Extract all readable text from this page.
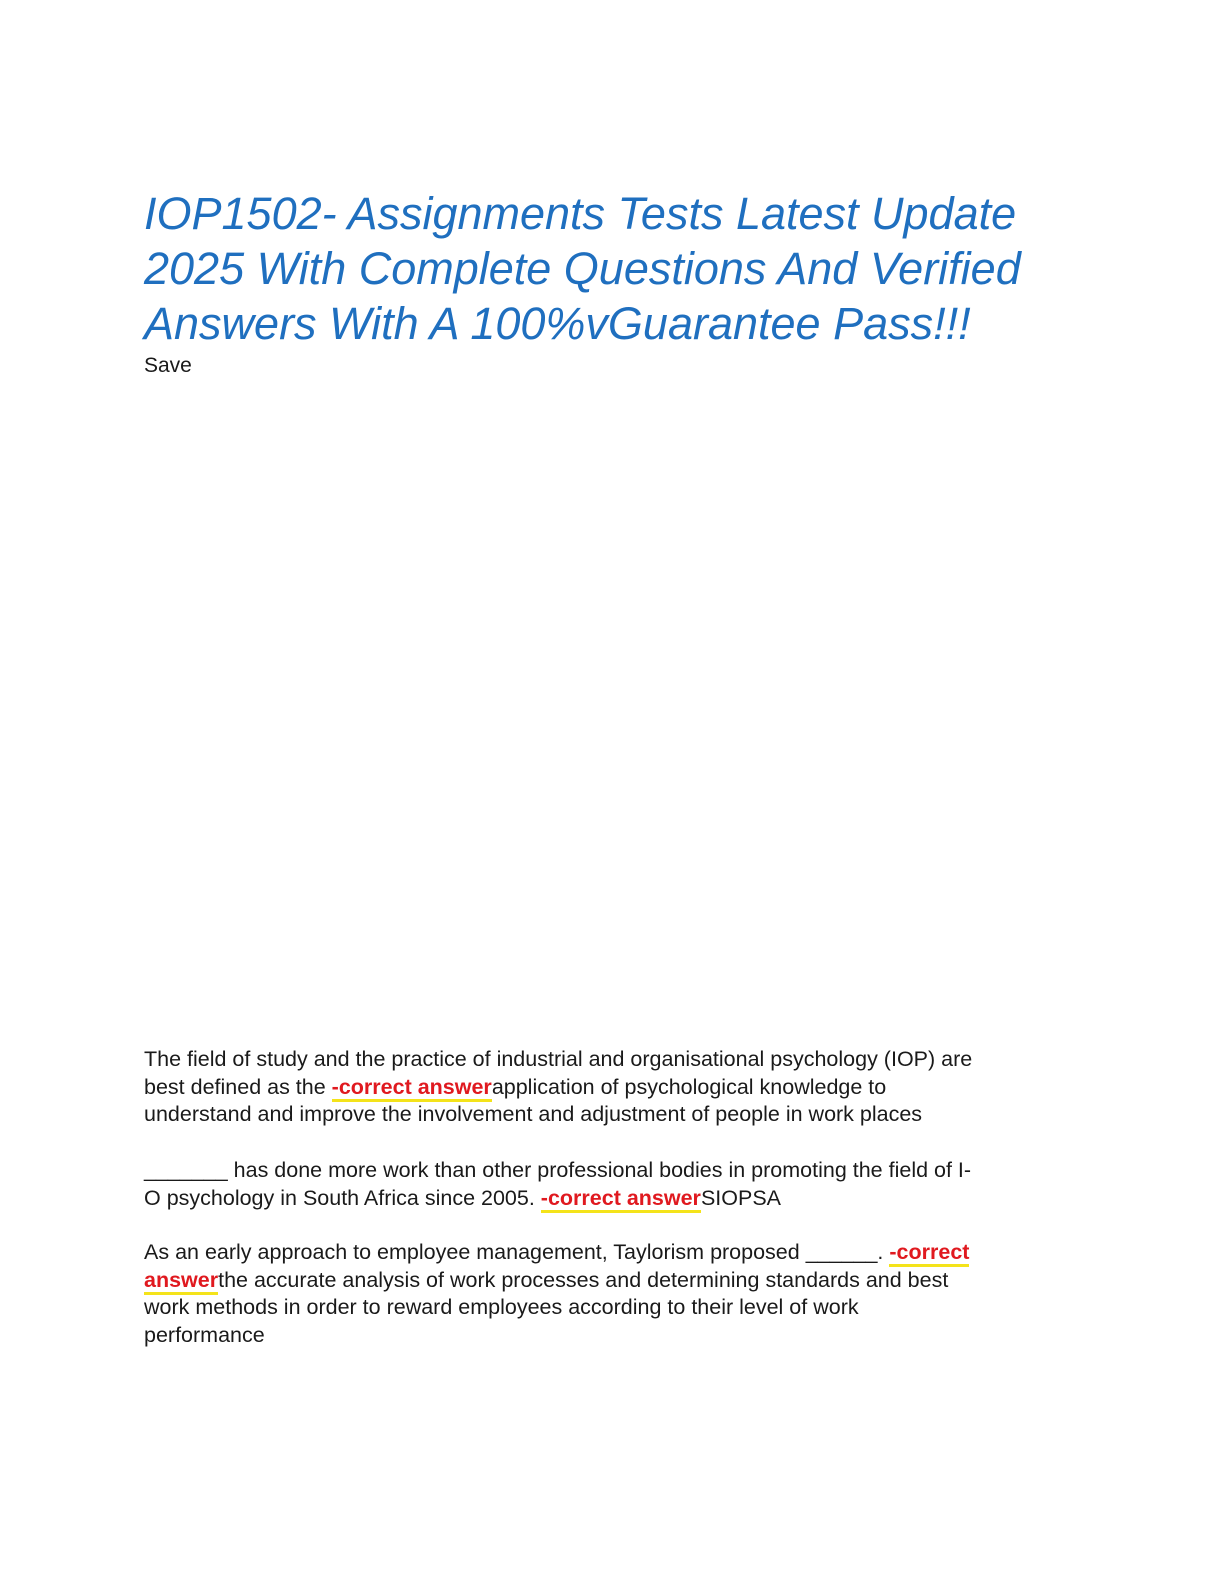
IOP1502- Assignments Tests Latest Update
2025 With Complete Questions And Verified
Answers With A 100%vGuarantee Pass!!!
Save

The field of study and the practice of industrial and organisational psychology (IOP) are
best defined as the -correct answerapplication of psychological knowledge to
understand and improve the involvement and adjustment of people in work places

_______ has done more work than other professional bodies in promoting the field of I-
O psychology in South Africa since 2005. -correct answerSIOPSA

As an early approach to employee management, Taylorism proposed ______. -correct
answerthe accurate analysis of work processes and determining standards and best
work methods in order to reward employees according to their level of work
performance
